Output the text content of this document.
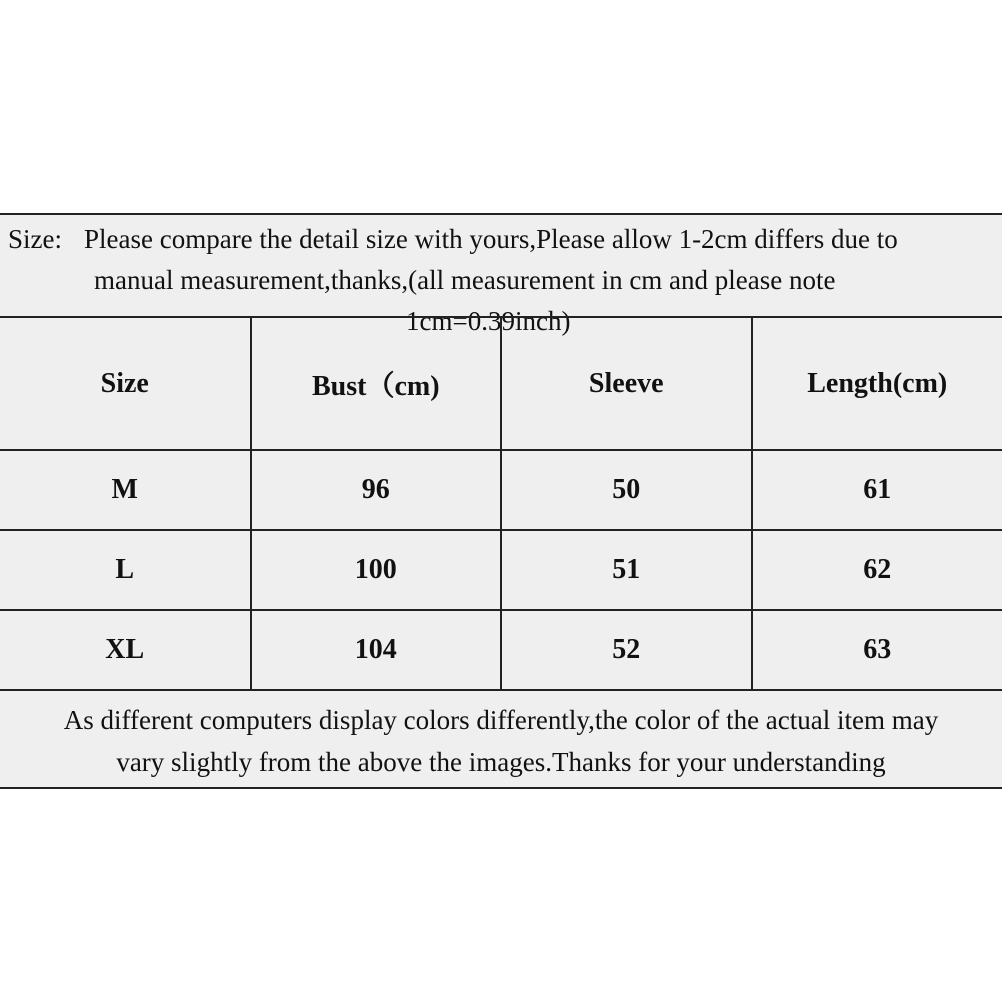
Size: Please compare the detail size with yours,Please allow 1-2cm differs due to
manual measurement,thanks,(all measurement in cm and please note
1cm=0.39inch)
Size	Bust（cm)	Sleeve	Length(cm)
M	96	50	61
L	100	51	62
XL	104	52	63
As different computers display colors differently,the color of the actual item may
vary slightly from the above the images.Thanks for your understanding
